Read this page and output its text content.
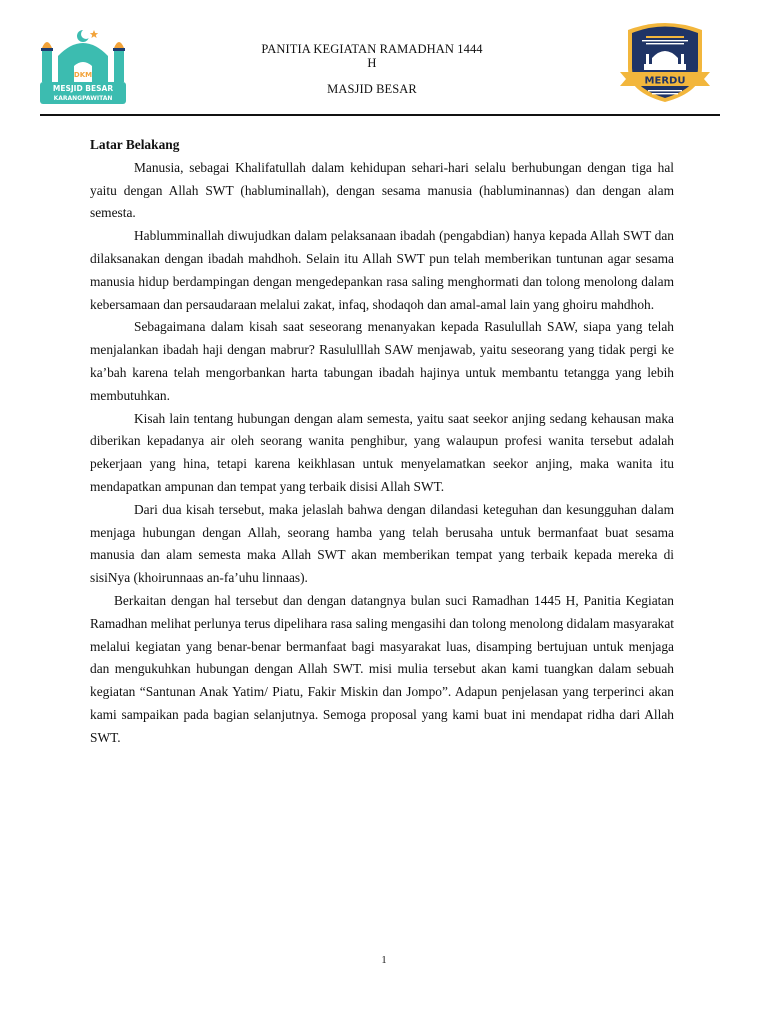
DKM
MESJID BESAR
KARANGPAWITAN
PANITIA KEGIATAN RAMADHAN 1444
H
MASJID BESAR
MERDU
Latar Belakang

Manusia, sebagai Khalifatullah dalam kehidupan sehari-hari selalu berhubungan dengan tiga hal yaitu dengan Allah SWT (habluminallah), dengan sesama manusia (habluminannas) dan dengan alam semesta.

Hablumminallah diwujudkan dalam pelaksanaan ibadah (pengabdian) hanya kepada Allah SWT dan dilaksanakan dengan ibadah mahdhoh. Selain itu Allah SWT pun telah memberikan tuntunan agar sesama manusia hidup berdampingan dengan mengedepankan rasa saling menghormati dan tolong menolong dalam kebersamaan dan persaudaraan melalui zakat, infaq, shodaqoh dan amal-amal lain yang ghoiru mahdhoh.

Sebagaimana dalam kisah saat seseorang menanyakan kepada Rasulullah SAW, siapa yang telah menjalankan ibadah haji dengan mabrur? Rasululllah SAW menjawab, yaitu seseorang yang tidak pergi ke ka’bah karena telah mengorbankan harta tabungan ibadah hajinya untuk membantu tetangga yang lebih membutuhkan.

Kisah lain tentang hubungan dengan alam semesta, yaitu saat seekor anjing sedang kehausan maka diberikan kepadanya air oleh seorang wanita penghibur, yang walaupun profesi wanita tersebut adalah pekerjaan yang hina, tetapi karena keikhlasan untuk menyelamatkan seekor anjing, maka wanita itu mendapatkan ampunan dan tempat yang terbaik disisi Allah SWT.

Dari dua kisah tersebut, maka jelaslah bahwa dengan dilandasi keteguhan dan kesungguhan dalam menjaga hubungan dengan Allah, seorang hamba yang telah berusaha untuk bermanfaat buat sesama manusia dan alam semesta maka Allah SWT akan memberikan tempat yang terbaik kepada mereka di sisiNya (khoirunnaas an-fa’uhu linnaas).

Berkaitan dengan hal tersebut dan dengan datangnya bulan suci Ramadhan 1445 H, Panitia Kegiatan Ramadhan melihat perlunya terus dipelihara rasa saling mengasihi dan tolong menolong didalam masyarakat melalui kegiatan yang benar-benar bermanfaat bagi masyarakat luas, disamping bertujuan untuk menjaga dan mengukuhkan hubungan dengan Allah SWT. misi mulia tersebut akan kami tuangkan dalam sebuah kegiatan “Santunan Anak Yatim/ Piatu, Fakir Miskin dan Jompo”. Adapun penjelasan yang terperinci akan kami sampaikan pada bagian selanjutnya. Semoga proposal yang kami buat ini mendapat ridha dari Allah SWT.

1
